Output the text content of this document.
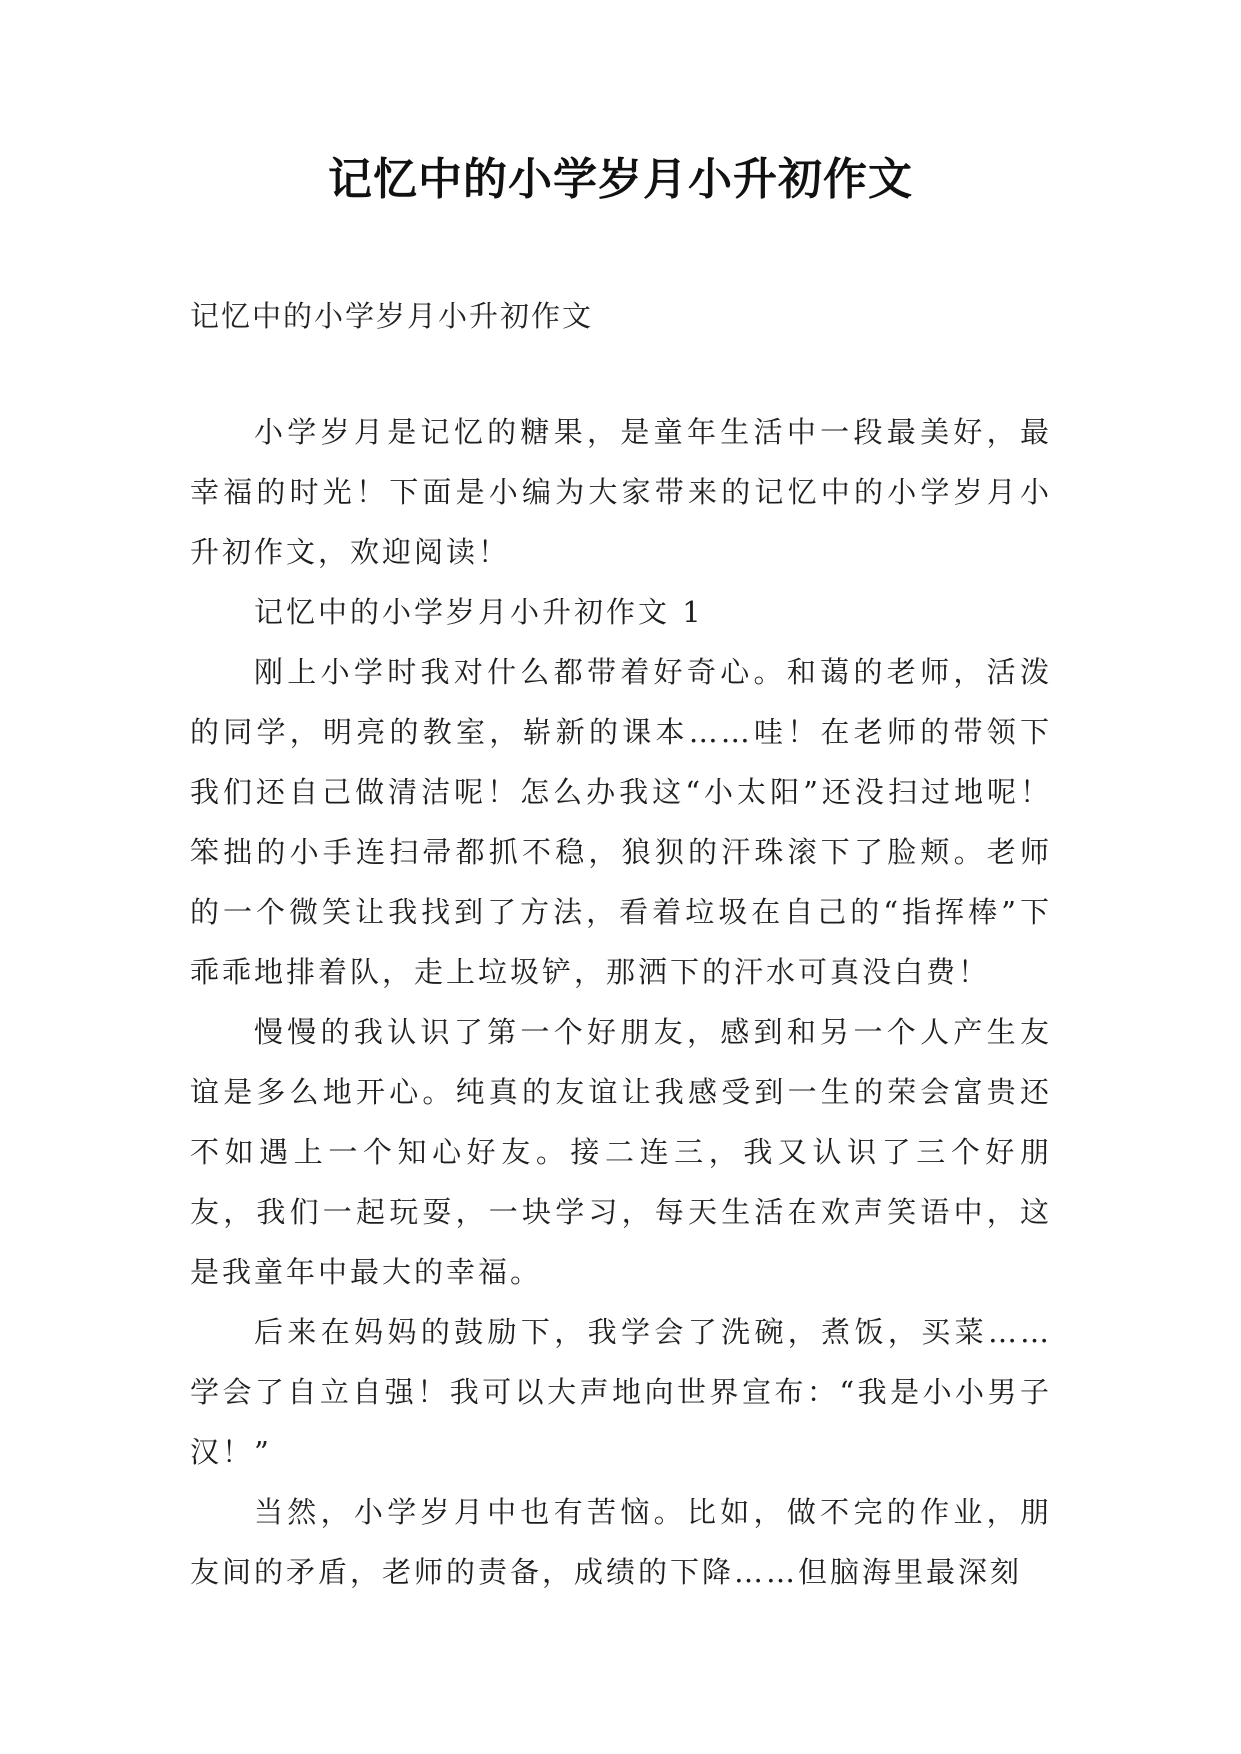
记忆中的小学岁月小升初作文
记忆中的小学岁月小升初作文

小学岁月是记忆的糖果，是童年生活中一段最美好，最幸福的时光！下面是小编为大家带来的记忆中的小学岁月小升初作文，欢迎阅读！

记忆中的小学岁月小升初作文 1

刚上小学时我对什么都带着好奇心。和蔼的老师，活泼的同学，明亮的教室，崭新的课本……哇！在老师的带领下我们还自己做清洁呢！怎么办我这“小太阳”还没扫过地呢！笨拙的小手连扫帚都抓不稳，狼狈的汗珠滚下了脸颊。老师的一个微笑让我找到了方法，看着垃圾在自己的“指挥棒”下乖乖地排着队，走上垃圾铲，那洒下的汗水可真没白费！

慢慢的我认识了第一个好朋友，感到和另一个人产生友谊是多么地开心。纯真的友谊让我感受到一生的荣会富贵还不如遇上一个知心好友。接二连三，我又认识了三个好朋友，我们一起玩耍，一块学习，每天生活在欢声笑语中，这是我童年中最大的幸福。

后来在妈妈的鼓励下，我学会了洗碗，煮饭，买菜……学会了自立自强！我可以大声地向世界宣布：“我是小小男子汉！”

当然，小学岁月中也有苦恼。比如，做不完的作业，朋友间的矛盾，老师的责备，成绩的下降……但脑海里最深刻
